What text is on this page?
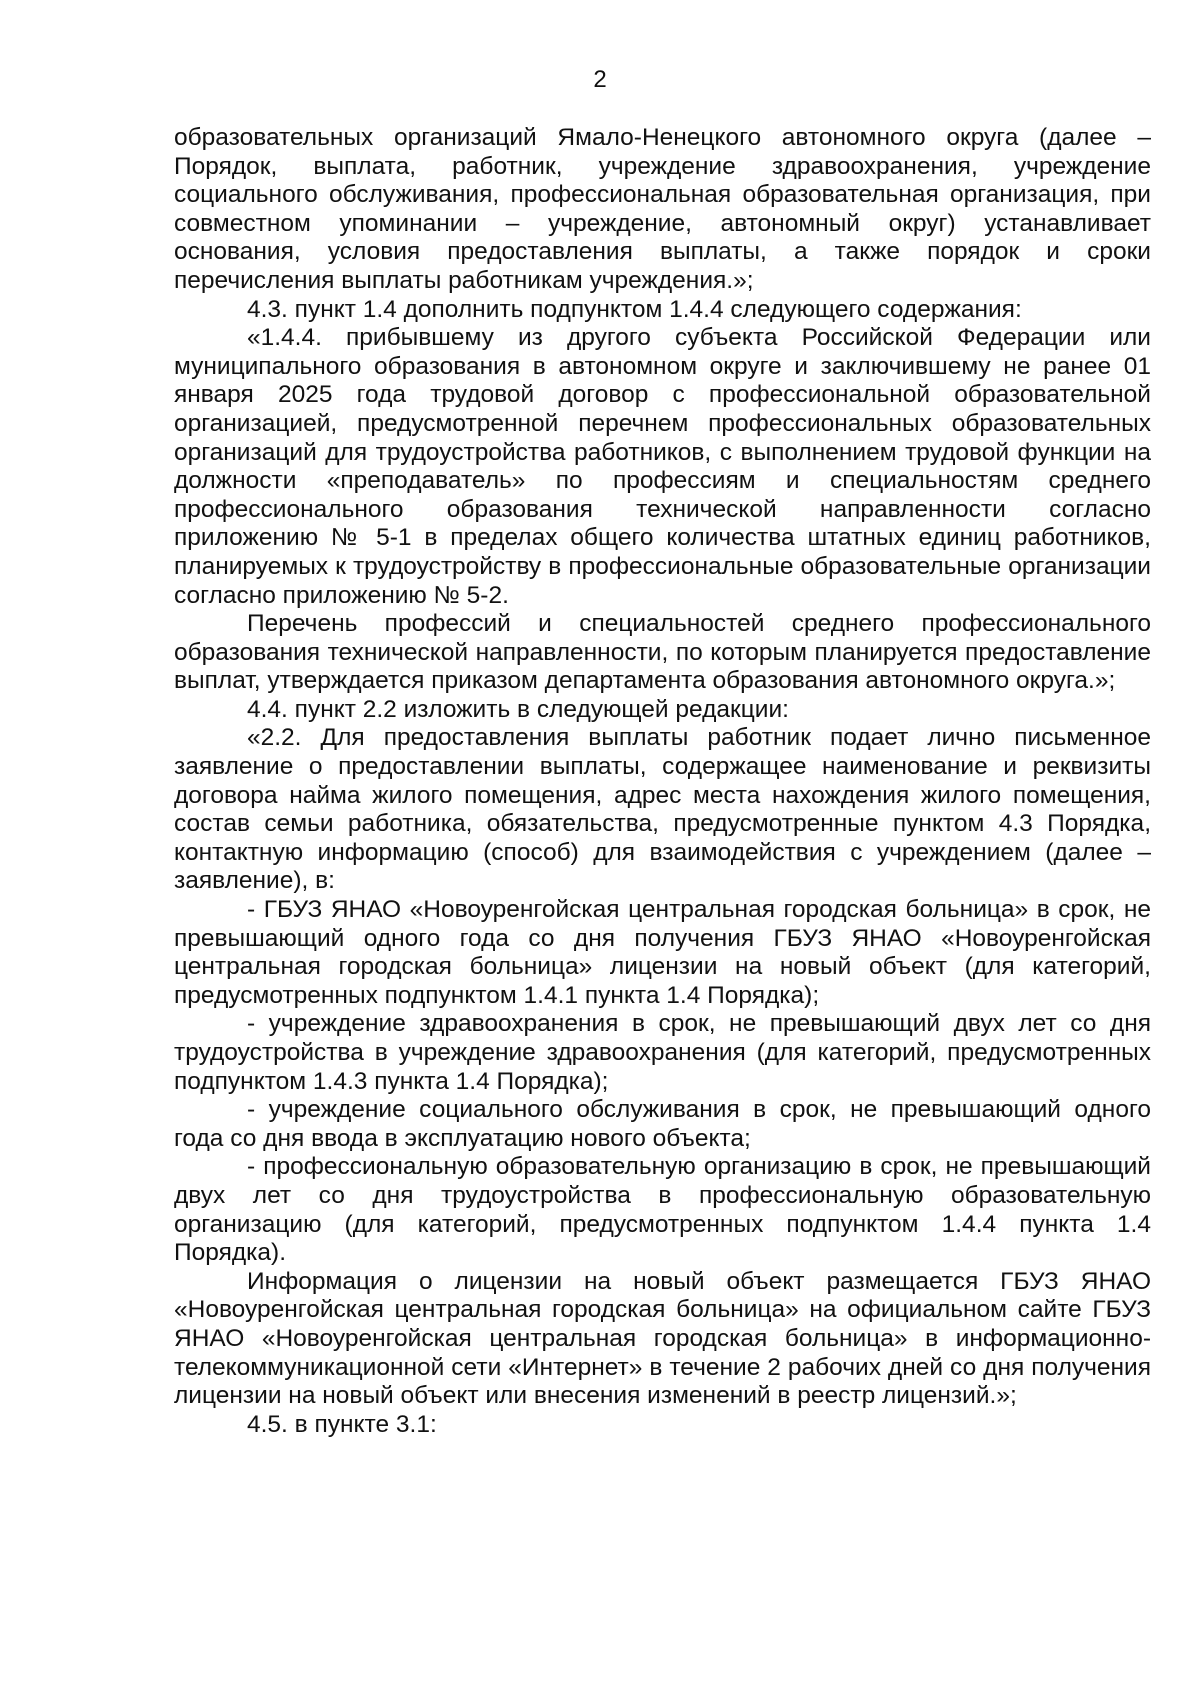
2

образовательных организаций Ямало-Ненецкого автономного округа (далее – Порядок, выплата, работник, учреждение здравоохранения, учреждение социального обслуживания, профессиональная образовательная организация, при совместном упоминании – учреждение, автономный округ) устанавливает основания, условия предоставления выплаты, а также порядок и сроки перечисления выплаты работникам учреждения.»;

4.3. пункт 1.4 дополнить подпунктом 1.4.4 следующего содержания:

«1.4.4. прибывшему из другого субъекта Российской Федерации или муниципального образования в автономном округе и заключившему не ранее 01 января 2025 года трудовой договор с профессиональной образовательной организацией, предусмотренной перечнем профессиональных образовательных организаций для трудоустройства работников, с выполнением трудовой функции на должности «преподаватель» по профессиям и специальностям среднего профессионального образования технической направленности согласно приложению № 5-1 в пределах общего количества штатных единиц работников, планируемых к трудоустройству в профессиональные образовательные организации согласно приложению № 5-2.

Перечень профессий и специальностей среднего профессионального образования технической направленности, по которым планируется предоставление выплат, утверждается приказом департамента образования автономного округа.»;

4.4. пункт 2.2 изложить в следующей редакции:

«2.2. Для предоставления выплаты работник подает лично письменное заявление о предоставлении выплаты, содержащее наименование и реквизиты договора найма жилого помещения, адрес места нахождения жилого помещения, состав семьи работника, обязательства, предусмотренные пунктом 4.3 Порядка, контактную информацию (способ) для взаимодействия с учреждением (далее – заявление), в:

- ГБУЗ ЯНАО «Новоуренгойская центральная городская больница» в срок, не превышающий одного года со дня получения ГБУЗ ЯНАО «Новоуренгойская центральная городская больница» лицензии на новый объект (для категорий, предусмотренных подпунктом 1.4.1 пункта 1.4 Порядка);

- учреждение здравоохранения в срок, не превышающий двух лет со дня трудоустройства в учреждение здравоохранения (для категорий, предусмотренных подпунктом 1.4.3 пункта 1.4 Порядка);

- учреждение социального обслуживания в срок, не превышающий одного года со дня ввода в эксплуатацию нового объекта;

- профессиональную образовательную организацию в срок, не превышающий двух лет со дня трудоустройства в профессиональную образовательную организацию (для категорий, предусмотренных подпунктом 1.4.4 пункта 1.4 Порядка).

Информация о лицензии на новый объект размещается ГБУЗ ЯНАО «Новоуренгойская центральная городская больница» на официальном сайте ГБУЗ ЯНАО «Новоуренгойская центральная городская больница» в информационно-телекоммуникационной сети «Интернет» в течение 2 рабочих дней со дня получения лицензии на новый объект или внесения изменений в реестр лицензий.»;

4.5. в пункте 3.1:
